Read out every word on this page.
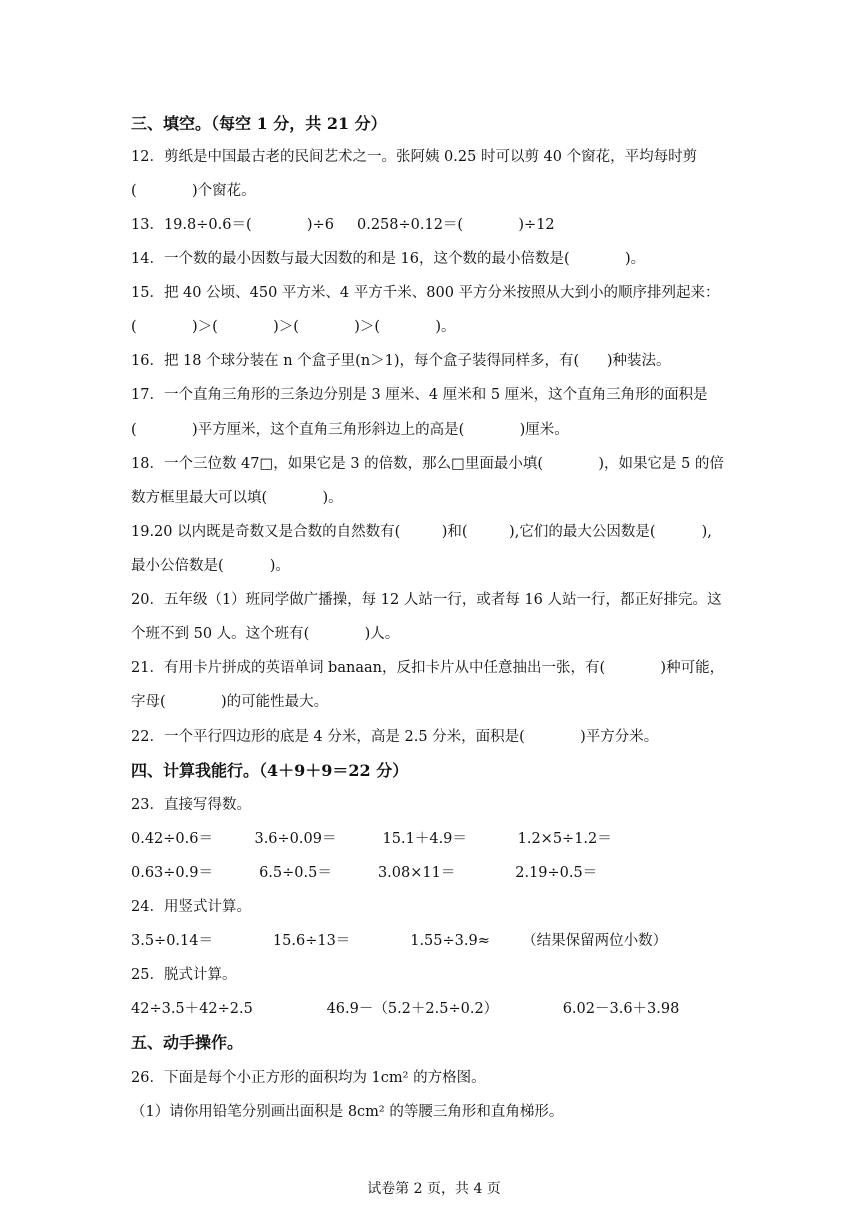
三、填空。（每空 1 分，共 21 分）
12．剪纸是中国最古老的民间艺术之一。张阿姨 0.25 时可以剪 40 个窗花，平均每时剪
(            )个窗花。
13．19.8÷0.6＝(            )÷6     0.258÷0.12＝(            )÷12
14．一个数的最小因数与最大因数的和是 16，这个数的最小倍数是(            )。
15．把 40 公顷、450 平方米、4 平方千米、800 平方分米按照从大到小的顺序排列起来：
(            )＞(            )＞(            )＞(            )。
16．把 18 个球分装在 n 个盒子里(n＞1)，每个盒子装得同样多，有(      )种装法。
17．一个直角三角形的三条边分别是 3 厘米、4 厘米和 5 厘米，这个直角三角形的面积是
(            )平方厘米，这个直角三角形斜边上的高是(            )厘米。
18．一个三位数 47□，如果它是 3 的倍数，那么□里面最小填(            )，如果它是 5 的倍
数方框里最大可以填(            )。
19.20 以内既是奇数又是合数的自然数有(         )和(         ),它们的最大公因数是(          ),
最小公倍数是(          )。
20．五年级（1）班同学做广播操，每 12 人站一行，或者每 16 人站一行，都正好排完。这
个班不到 50 人。这个班有(            )人。
21．有用卡片拼成的英语单词 banaan，反扣卡片从中任意抽出一张，有(            )种可能，
字母(            )的可能性最大。
22．一个平行四边形的底是 4 分米，高是 2.5 分米，面积是(            )平方分米。
四、计算我能行。（4＋9＋9＝22 分）
23．直接写得数。
0.42÷0.6＝         3.6÷0.09＝          15.1＋4.9＝           1.2×5÷1.2＝
0.63÷0.9＝          6.5÷0.5＝          3.08×11＝             2.19÷0.5＝
24．用竖式计算。
3.5÷0.14＝             15.6÷13＝             1.55÷3.9≈       （结果保留两位小数）
25．脱式计算。
42÷3.5＋42÷2.5                46.9－（5.2＋2.5÷0.2）              6.02－3.6＋3.98
五、动手操作。
26．下面是每个小正方形的面积均为 1cm² 的方格图。
（1）请你用铅笔分别画出面积是 8cm² 的等腰三角形和直角梯形。
试卷第 2 页，共 4 页
